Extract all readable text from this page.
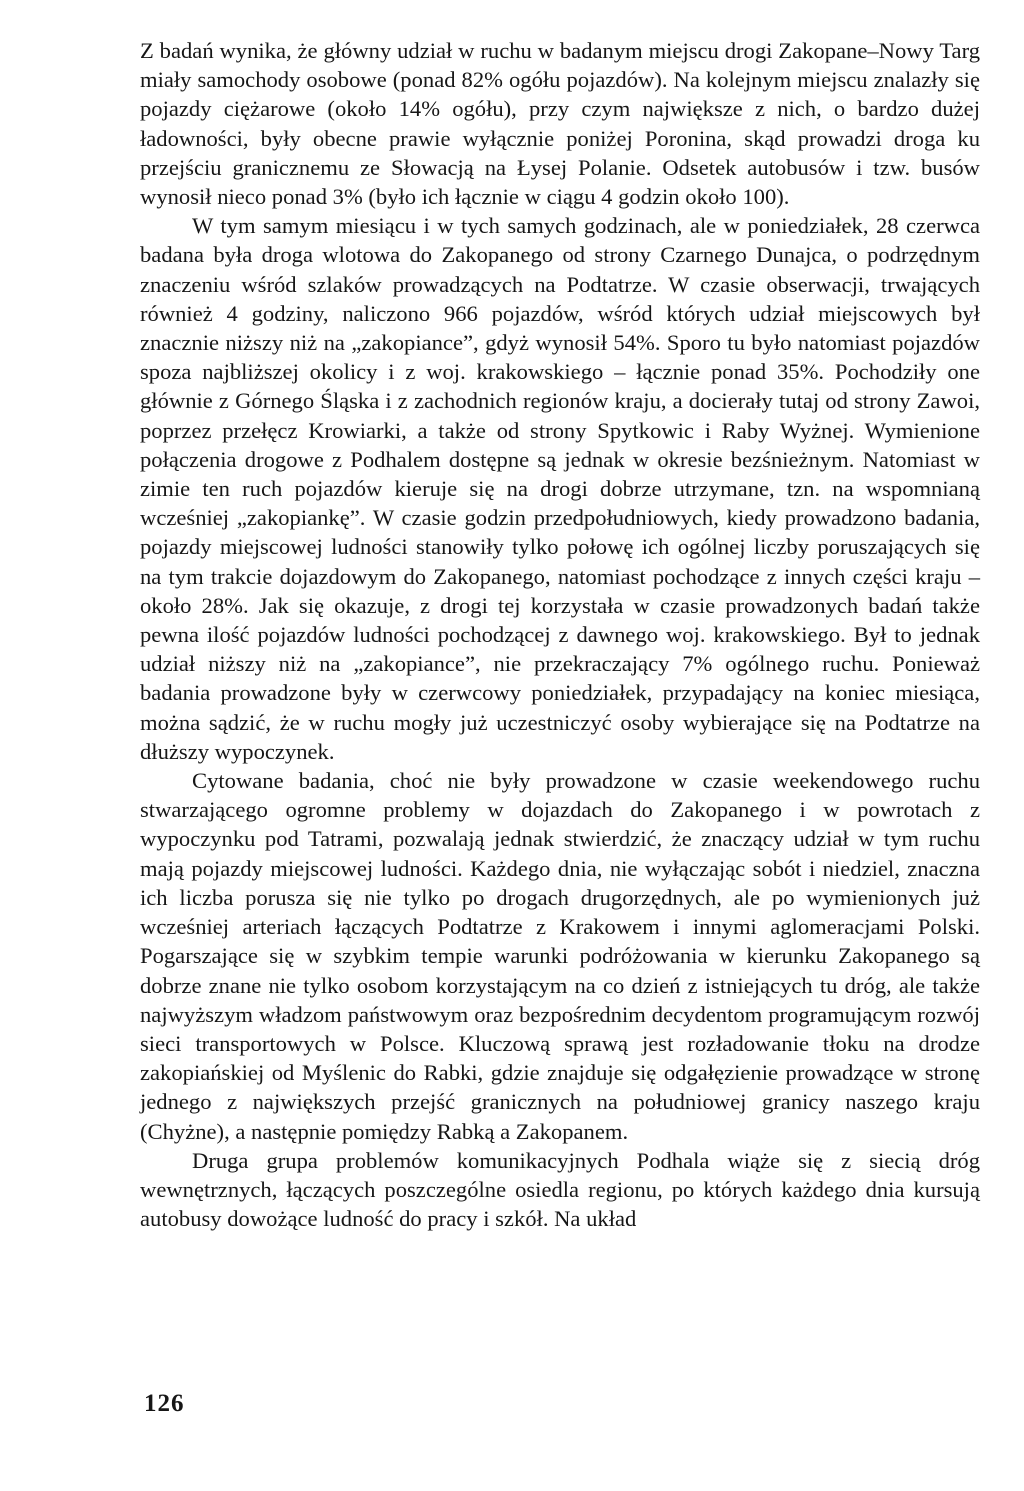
Z badań wynika, że główny udział w ruchu w badanym miejscu drogi Zakopane–Nowy Targ miały samochody osobowe (ponad 82% ogółu pojazdów). Na kolejnym miejscu znalazły się pojazdy ciężarowe (około 14% ogółu), przy czym największe z nich, o bardzo dużej ładowności, były obecne prawie wyłącznie poniżej Poronina, skąd prowadzi droga ku przejściu granicznemu ze Słowacją na Łysej Polanie. Odsetek autobusów i tzw. busów wynosił nieco ponad 3% (było ich łącznie w ciągu 4 godzin około 100).

W tym samym miesiącu i w tych samych godzinach, ale w poniedziałek, 28 czerwca badana była droga wlotowa do Zakopanego od strony Czarnego Dunajca, o podrzędnym znaczeniu wśród szlaków prowadzących na Podtatrze. W czasie obserwacji, trwających również 4 godziny, naliczono 966 pojazdów, wśród których udział miejscowych był znacznie niższy niż na „zakopiance”, gdyż wynosił 54%. Sporo tu było natomiast pojazdów spoza najbliższej okolicy i z woj. krakowskiego – łącznie ponad 35%. Pochodziły one głównie z Górnego Śląska i z zachodnich regionów kraju, a docierały tutaj od strony Zawoi, poprzez przełęcz Krowiarki, a także od strony Spytkowic i Raby Wyżnej. Wymienione połączenia drogowe z Podhalem dostępne są jednak w okresie bezśnieżnym. Natomiast w zimie ten ruch pojazdów kieruje się na drogi dobrze utrzymane, tzn. na wspomnianą wcześniej „zakopiankę”. W czasie godzin przedpołudniowych, kiedy prowadzono badania, pojazdy miejscowej ludności stanowiły tylko połowę ich ogólnej liczby poruszających się na tym trakcie dojazdowym do Zakopanego, natomiast pochodzące z innych części kraju – około 28%. Jak się okazuje, z drogi tej korzystała w czasie prowadzonych badań także pewna ilość pojazdów ludności pochodzącej z dawnego woj. krakowskiego. Był to jednak udział niższy niż na „zakopiance”, nie przekraczający 7% ogólnego ruchu. Ponieważ badania prowadzone były w czerwcowy poniedziałek, przypadający na koniec miesiąca, można sądzić, że w ruchu mogły już uczestniczyć osoby wybierające się na Podtatrze na dłuższy wypoczynek.

Cytowane badania, choć nie były prowadzone w czasie weekendowego ruchu stwarzającego ogromne problemy w dojazdach do Zakopanego i w powrotach z wypoczynku pod Tatrami, pozwalają jednak stwierdzić, że znaczący udział w tym ruchu mają pojazdy miejscowej ludności. Każdego dnia, nie wyłączając sobót i niedziel, znaczna ich liczba porusza się nie tylko po drogach drugorzędnych, ale po wymienionych już wcześniej arteriach łączących Podtatrze z Krakowem i innymi aglomeracjami Polski. Pogarszające się w szybkim tempie warunki podróżowania w kierunku Zakopanego są dobrze znane nie tylko osobom korzystającym na co dzień z istniejących tu dróg, ale także najwyższym władzom państwowym oraz bezpośrednim decydentom programującym rozwój sieci transportowych w Polsce. Kluczową sprawą jest rozładowanie tłoku na drodze zakopiańskiej od Myślenic do Rabki, gdzie znajduje się odgałęzienie prowadzące w stronę jednego z największych przejść granicznych na południowej granicy naszego kraju (Chyżne), a następnie pomiędzy Rabką a Zakopanem.

Druga grupa problemów komunikacyjnych Podhala wiąże się z siecią dróg wewnętrznych, łączących poszczególne osiedla regionu, po których każdego dnia kursują autobusy dowożące ludność do pracy i szkół. Na układ

126
